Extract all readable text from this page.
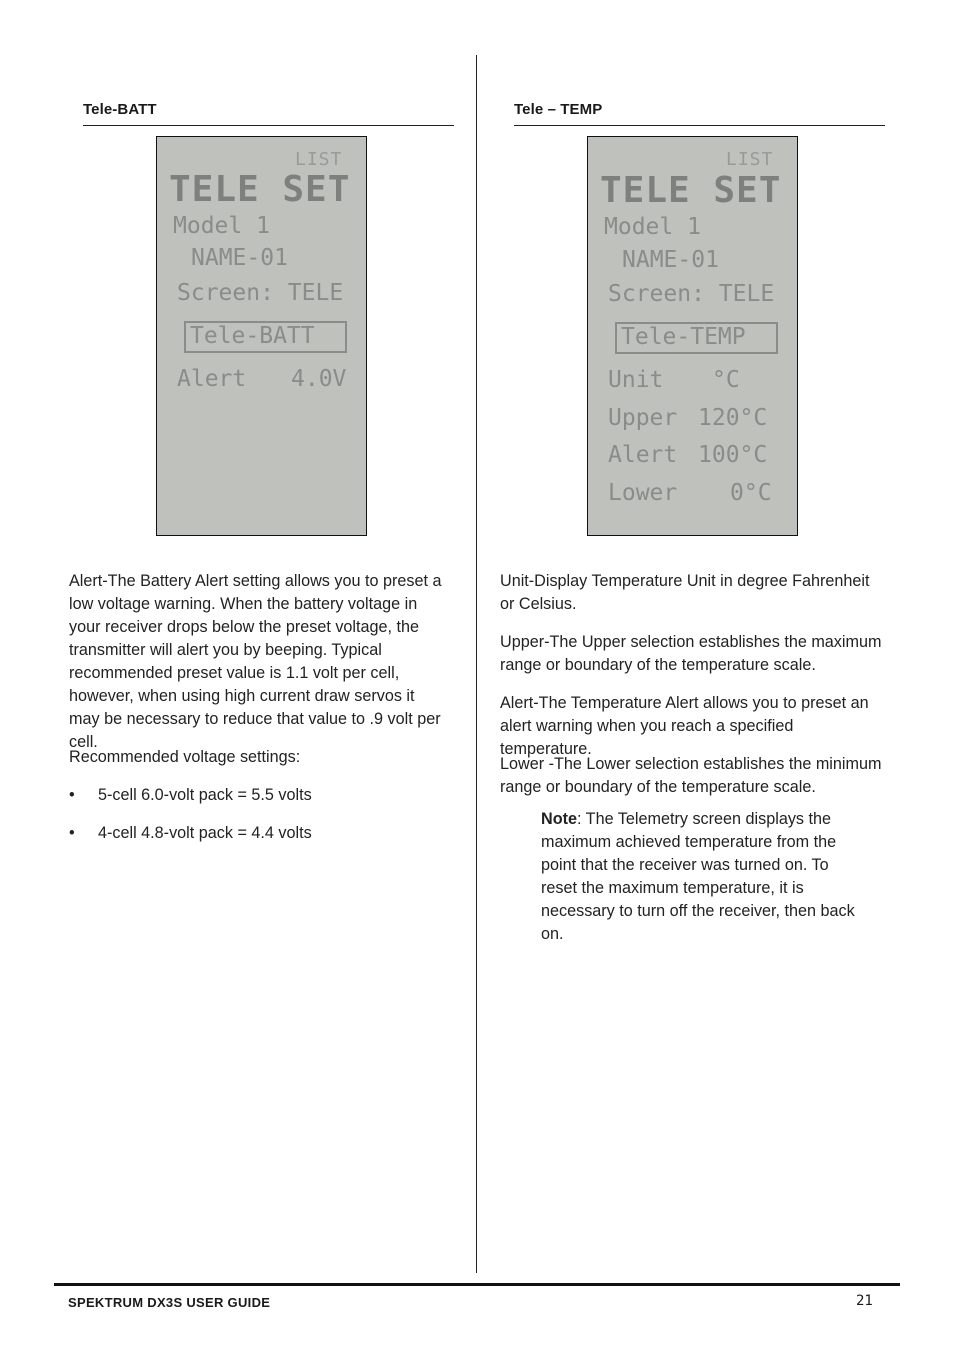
Tele-BATT
LIST
TELE SET
Model 1
NAME-01
Screen: TELE
Tele-BATT
Alert 4.0V

Alert-The Battery Alert setting allows you to preset a low voltage warning. When the battery voltage in your receiver drops below the preset voltage, the transmitter will alert you by beeping. Typical recommended preset value is 1.1 volt per cell, however, when using high current draw servos it may be necessary to reduce that value to .9 volt per cell.

Recommended voltage settings:

• 5-cell 6.0-volt pack = 5.5 volts
• 4-cell 4.8-volt pack = 4.4 volts
Tele – TEMP
LIST
TELE SET
Model 1
NAME-01
Screen: TELE
Tele-TEMP
Unit °C
Upper 120°C
Alert 100°C
Lower 0°C

Unit-Display Temperature Unit in degree Fahrenheit or Celsius.

Upper-The Upper selection establishes the maximum range or boundary of the temperature scale.

Alert-The Temperature Alert allows you to preset an alert warning when you reach a specified temperature.

Lower -The Lower selection establishes the minimum range or boundary of the temperature scale.

Note: The Telemetry screen displays the maximum achieved temperature from the point that the receiver was turned on. To reset the maximum temperature, it is necessary to turn off the receiver, then back on.

SPEKTRUM DX3S USER GUIDE	21
